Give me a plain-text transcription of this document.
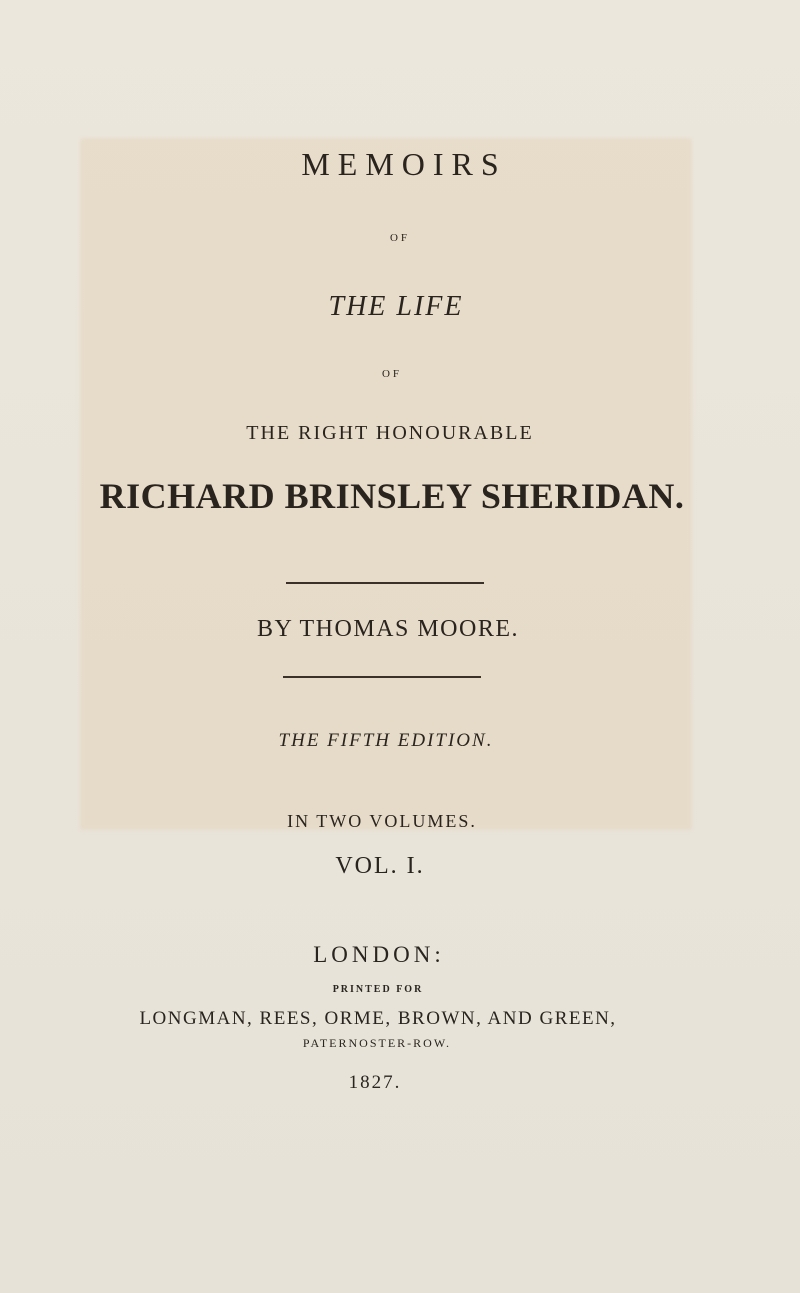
MEMOIRS
OF
THE LIFE
OF
THE RIGHT HONOURABLE
RICHARD BRINSLEY SHERIDAN.
BY THOMAS MOORE.
THE FIFTH EDITION.
IN TWO VOLUMES.
VOL. I.
LONDON:
PRINTED FOR
LONGMAN, REES, ORME, BROWN, AND GREEN,
PATERNOSTER-ROW.
1827.
